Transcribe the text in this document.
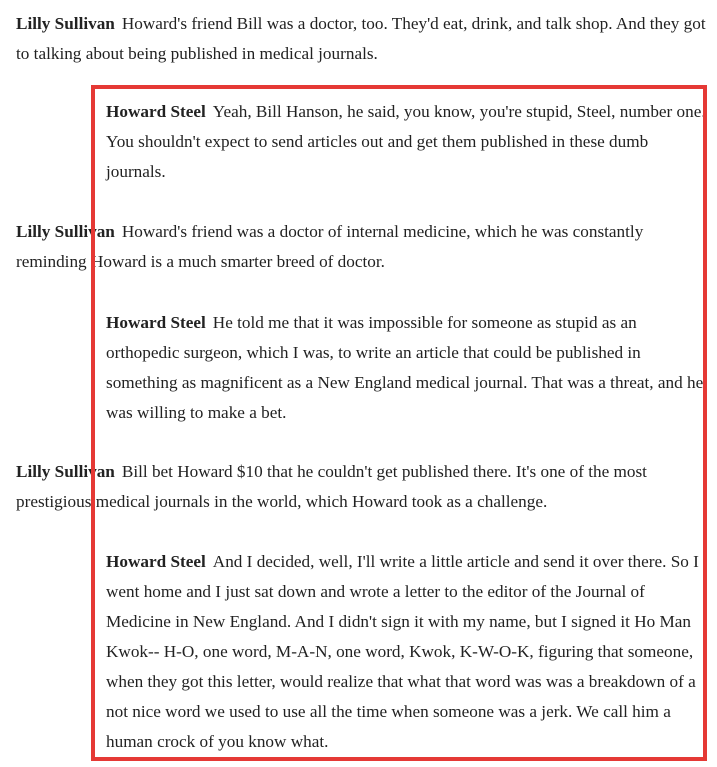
Lilly Sullivan Howard's friend Bill was a doctor, too. They'd eat, drink, and talk shop. And they got to talking about being published in medical journals.

Howard Steel Yeah, Bill Hanson, he said, you know, you're stupid, Steel, number one. You shouldn't expect to send articles out and get them published in these dumb journals.

Lilly Sullivan Howard's friend was a doctor of internal medicine, which he was constantly reminding Howard is a much smarter breed of doctor.

Howard Steel He told me that it was impossible for someone as stupid as an orthopedic surgeon, which I was, to write an article that could be published in something as magnificent as a New England medical journal. That was a threat, and he was willing to make a bet.

Lilly Sullivan Bill bet Howard $10 that he couldn't get published there. It's one of the most prestigious medical journals in the world, which Howard took as a challenge.

Howard Steel And I decided, well, I'll write a little article and send it over there. So I went home and I just sat down and wrote a letter to the editor of the Journal of Medicine in New England. And I didn't sign it with my name, but I signed it Ho Man Kwok-- H-O, one word, M-A-N, one word, Kwok, K-W-O-K, figuring that someone, when they got this letter, would realize that what that word was was a breakdown of a not nice word we used to use all the time when someone was a jerk. We call him a human crock of you know what.
